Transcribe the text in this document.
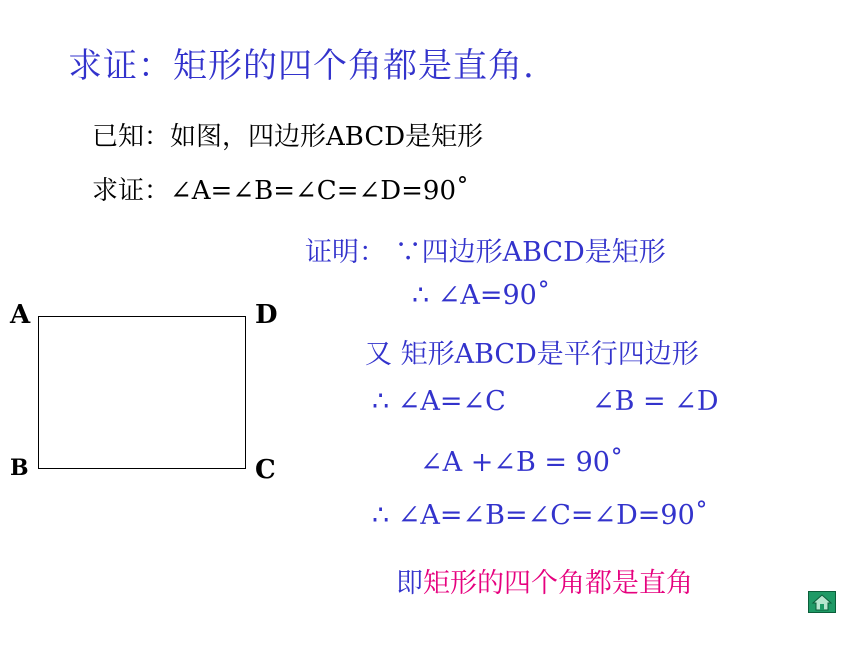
求证：矩形的四个角都是直角.
已知：如图，四边形ABCD是矩形
求证：∠A=∠B=∠C=∠D=90˚
A
B	C
D
证明： ∵四边形ABCD是矩形
∴ ∠A=90˚
又 矩形ABCD是平行四边形
∴ ∠A=∠C	∠B = ∠D
∠A +∠B = 90˚
∴ ∠A=∠B=∠C=∠D=90˚
即矩形的四个角都是直角
